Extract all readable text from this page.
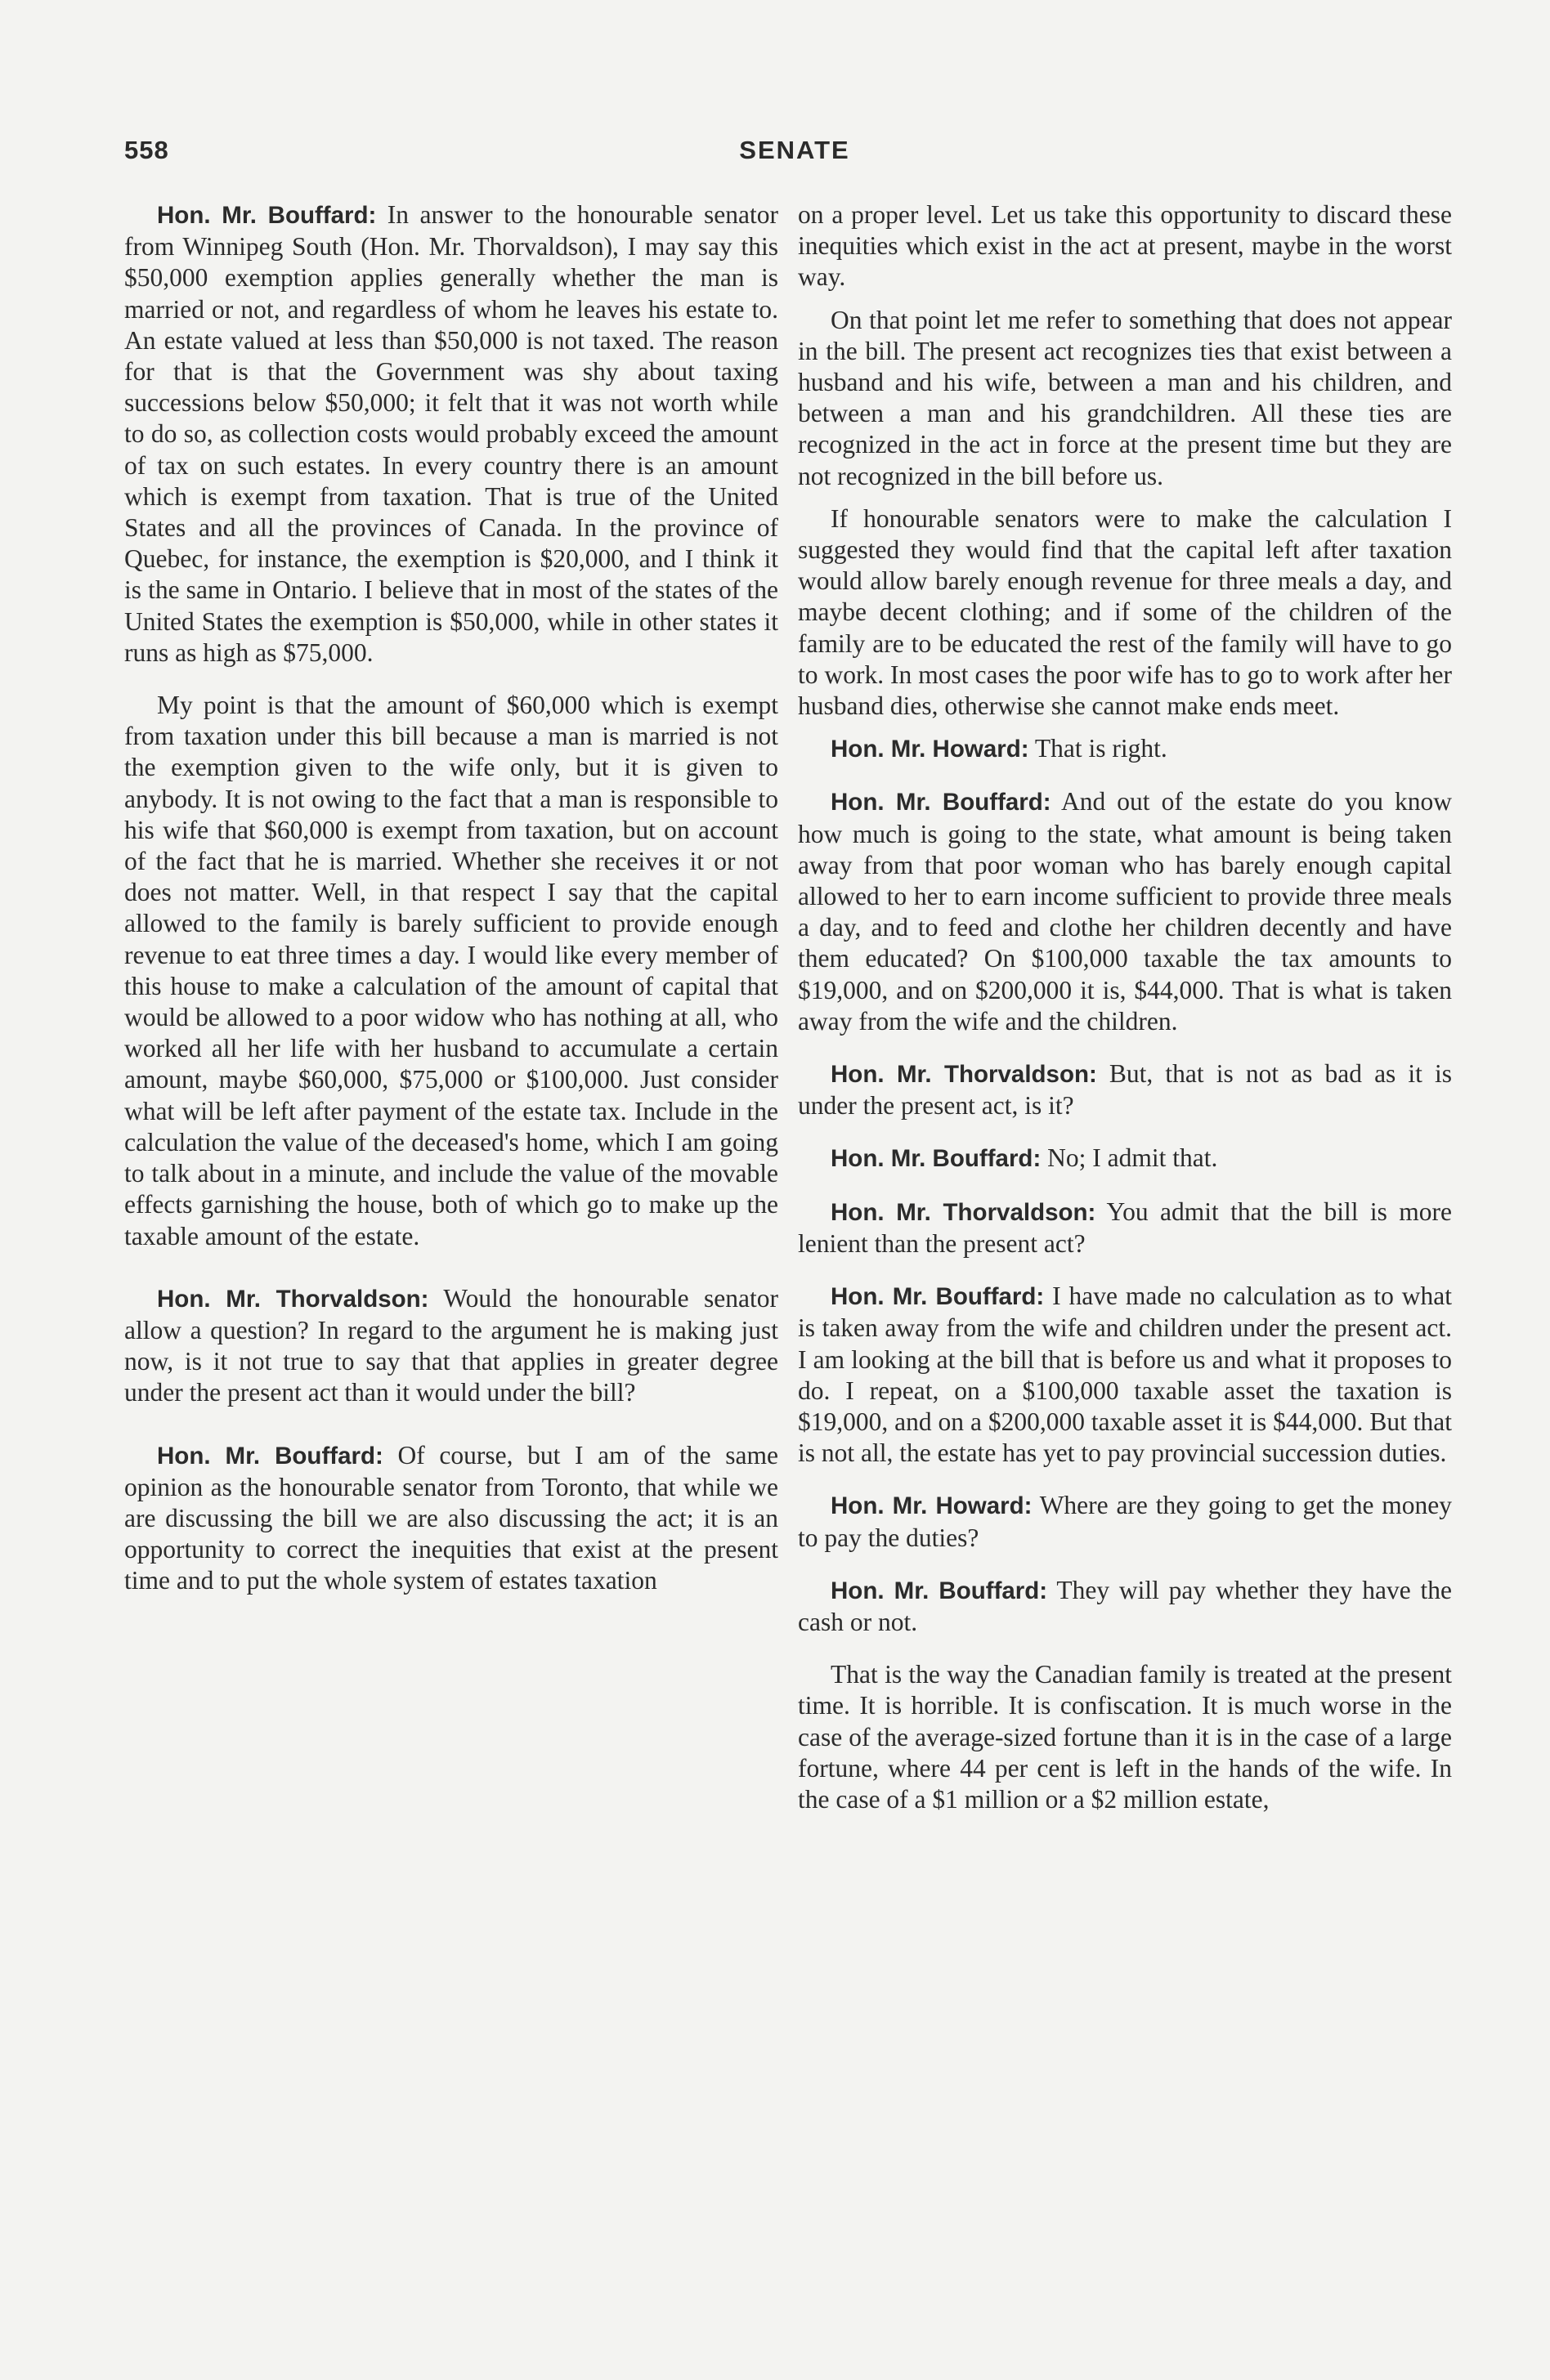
558	SENATE

Hon. Mr. Bouffard: In answer to the honourable senator from Winnipeg South (Hon. Mr. Thorvaldson), I may say this $50,000 exemption applies generally whether the man is married or not, and regardless of whom he leaves his estate to. An estate valued at less than $50,000 is not taxed. The reason for that is that the Government was shy about taxing successions below $50,000; it felt that it was not worth while to do so, as collection costs would probably exceed the amount of tax on such estates. In every country there is an amount which is exempt from taxation. That is true of the United States and all the provinces of Canada. In the province of Quebec, for instance, the exemption is $20,000, and I think it is the same in Ontario. I believe that in most of the states of the United States the exemption is $50,000, while in other states it runs as high as $75,000.

My point is that the amount of $60,000 which is exempt from taxation under this bill because a man is married is not the exemption given to the wife only, but it is given to anybody. It is not owing to the fact that a man is responsible to his wife that $60,000 is exempt from taxation, but on account of the fact that he is married. Whether she receives it or not does not matter. Well, in that respect I say that the capital allowed to the family is barely sufficient to provide enough revenue to eat three times a day. I would like every member of this house to make a calculation of the amount of capital that would be allowed to a poor widow who has nothing at all, who worked all her life with her husband to accumulate a certain amount, maybe $60,000, $75,000 or $100,000. Just consider what will be left after payment of the estate tax. Include in the calculation the value of the deceased's home, which I am going to talk about in a minute, and include the value of the movable effects garnishing the house, both of which go to make up the taxable amount of the estate.

Hon. Mr. Thorvaldson: Would the honourable senator allow a question? In regard to the argument he is making just now, is it not true to say that that applies in greater degree under the present act than it would under the bill?

Hon. Mr. Bouffard: Of course, but I am of the same opinion as the honourable senator from Toronto, that while we are discussing the bill we are also discussing the act; it is an opportunity to correct the inequities that exist at the present time and to put the whole system of estates taxation

on a proper level. Let us take this opportunity to discard these inequities which exist in the act at present, maybe in the worst way.

On that point let me refer to something that does not appear in the bill. The present act recognizes ties that exist between a husband and his wife, between a man and his children, and between a man and his grandchildren. All these ties are recognized in the act in force at the present time but they are not recognized in the bill before us.

If honourable senators were to make the calculation I suggested they would find that the capital left after taxation would allow barely enough revenue for three meals a day, and maybe decent clothing; and if some of the children of the family are to be educated the rest of the family will have to go to work. In most cases the poor wife has to go to work after her husband dies, otherwise she cannot make ends meet.

Hon. Mr. Howard: That is right.

Hon. Mr. Bouffard: And out of the estate do you know how much is going to the state, what amount is being taken away from that poor woman who has barely enough capital allowed to her to earn income sufficient to provide three meals a day, and to feed and clothe her children decently and have them educated? On $100,000 taxable the tax amounts to $19,000, and on $200,000 it is, $44,000. That is what is taken away from the wife and the children.

Hon. Mr. Thorvaldson: But, that is not as bad as it is under the present act, is it?

Hon. Mr. Bouffard: No; I admit that.

Hon. Mr. Thorvaldson: You admit that the bill is more lenient than the present act?

Hon. Mr. Bouffard: I have made no calculation as to what is taken away from the wife and children under the present act. I am looking at the bill that is before us and what it proposes to do. I repeat, on a $100,000 taxable asset the taxation is $19,000, and on a $200,000 taxable asset it is $44,000. But that is not all, the estate has yet to pay provincial succession duties.

Hon. Mr. Howard: Where are they going to get the money to pay the duties?

Hon. Mr. Bouffard: They will pay whether they have the cash or not.

That is the way the Canadian family is treated at the present time. It is horrible. It is confiscation. It is much worse in the case of the average-sized fortune than it is in the case of a large fortune, where 44 per cent is left in the hands of the wife. In the case of a $1 million or a $2 million estate,
